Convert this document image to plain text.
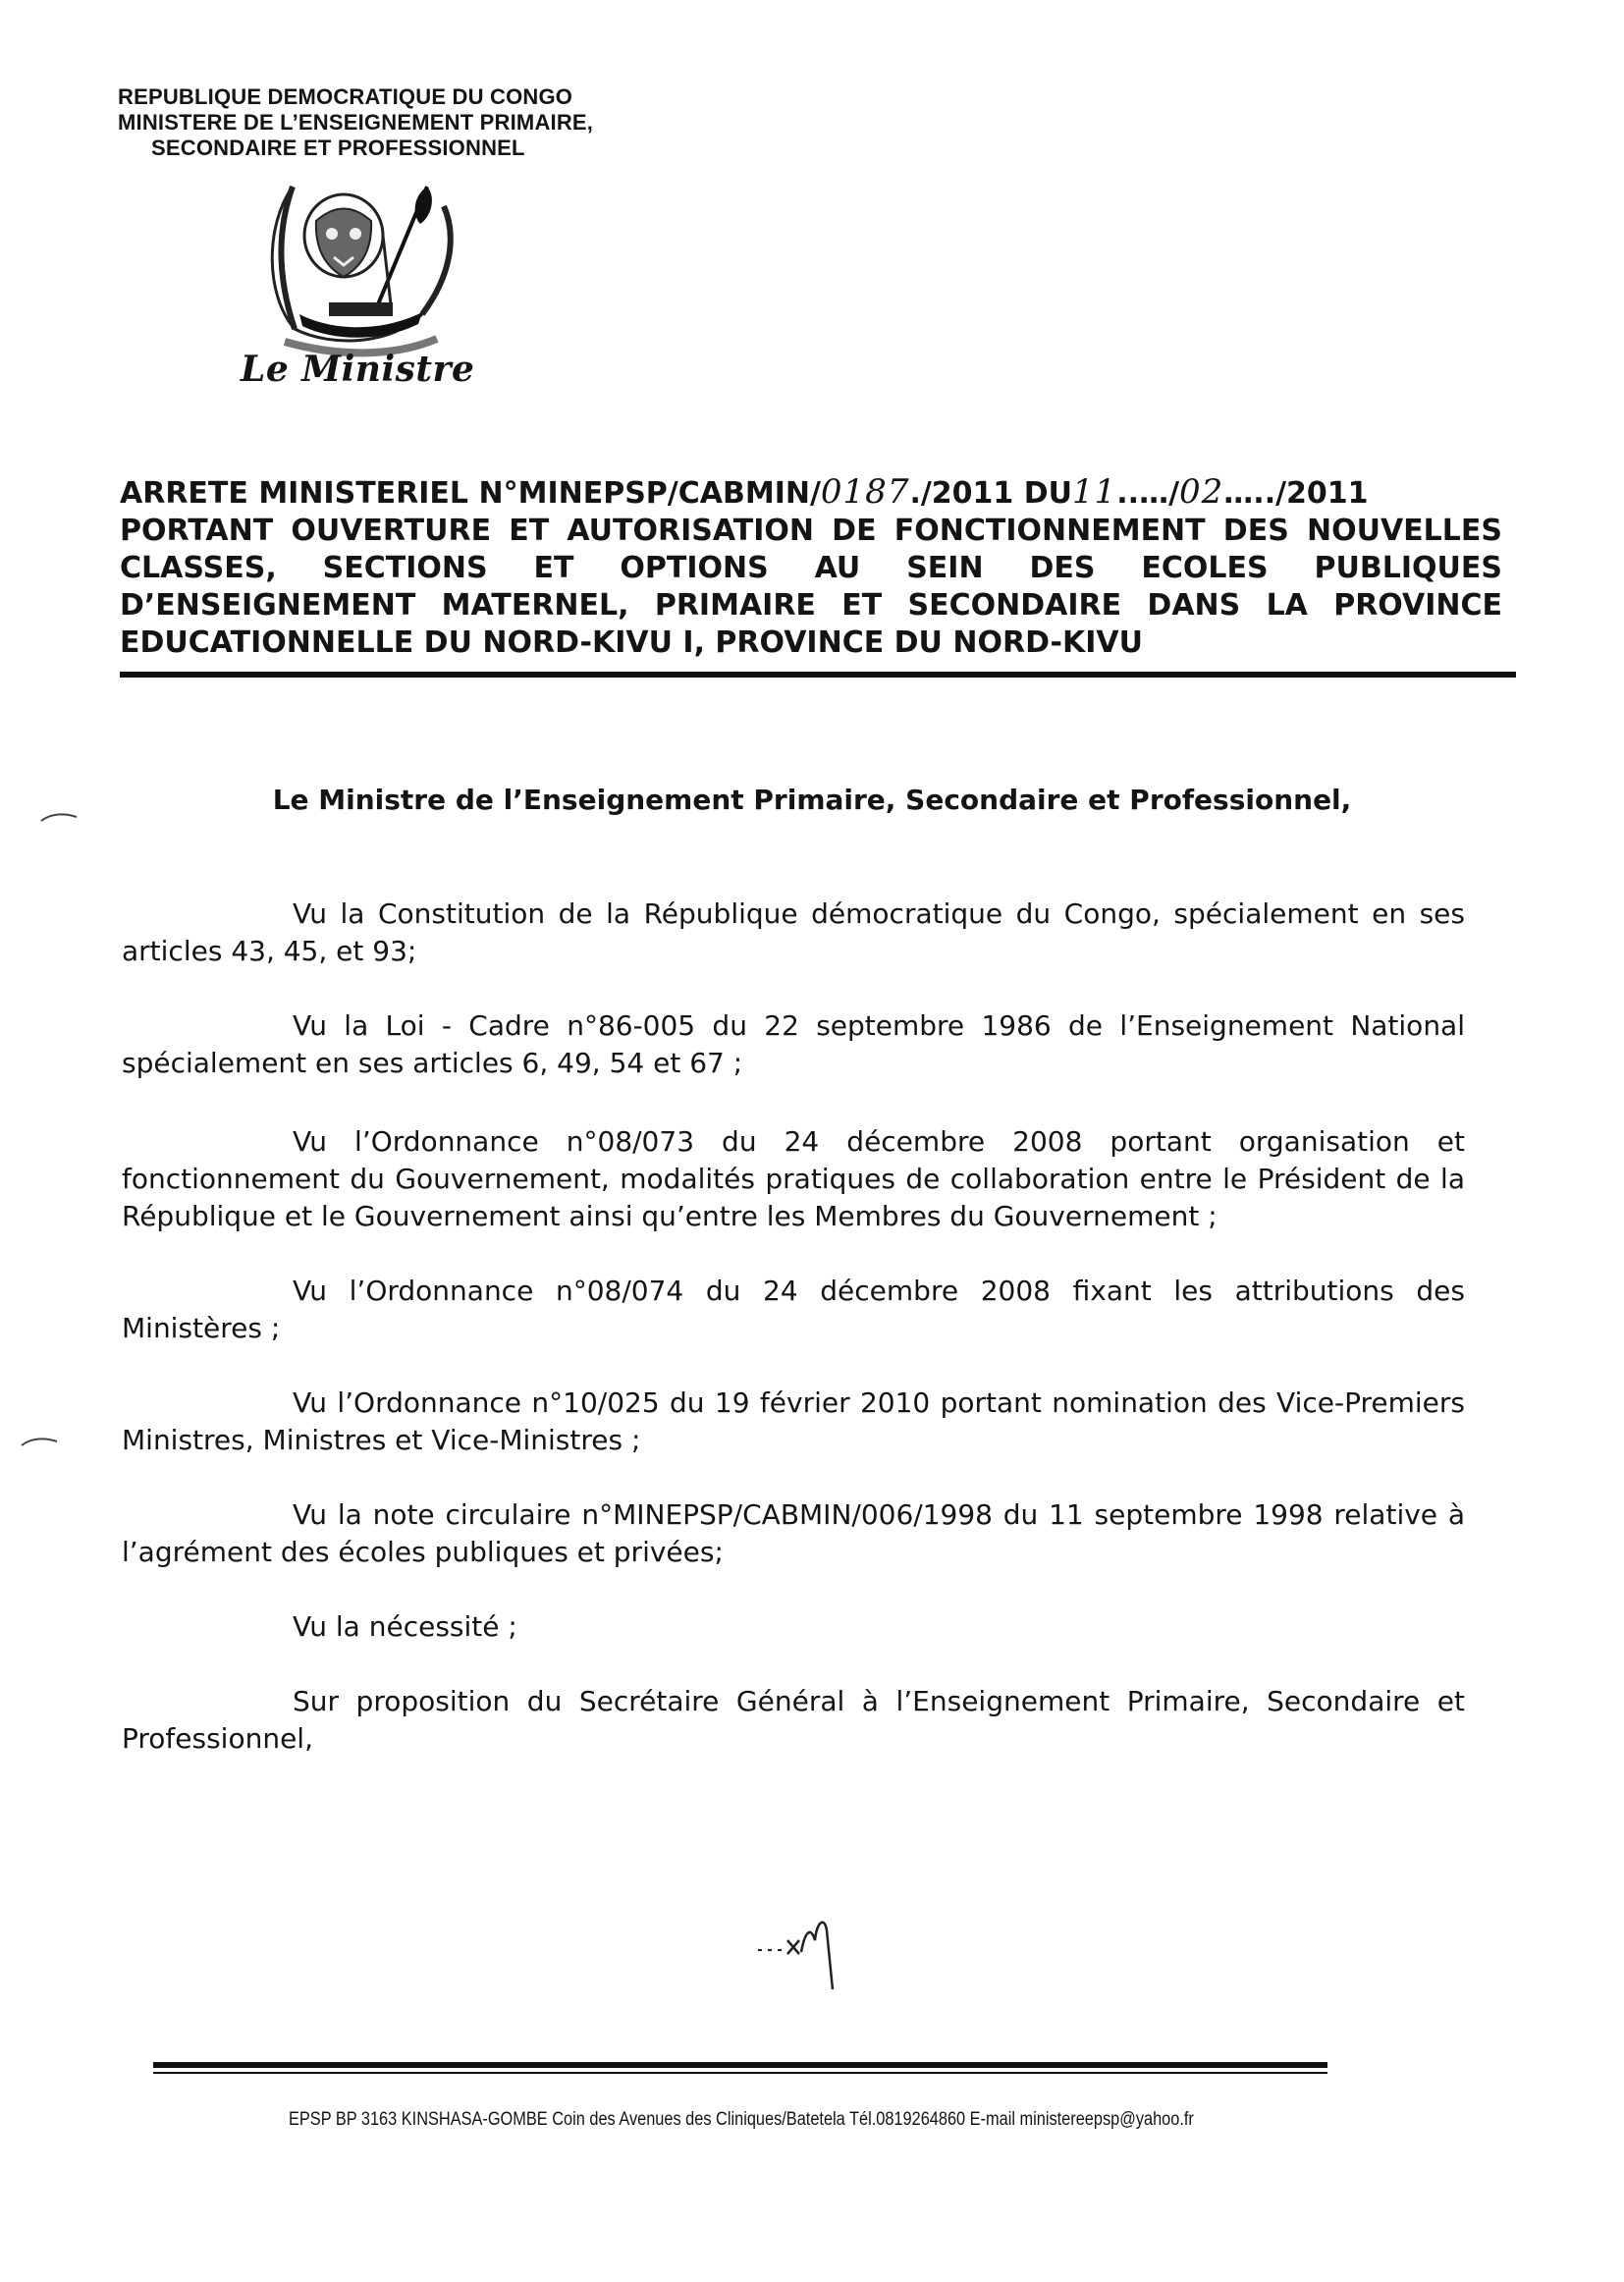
REPUBLIQUE DEMOCRATIQUE DU CONGO
MINISTERE DE L’ENSEIGNEMENT PRIMAIRE,
SECONDAIRE ET PROFESSIONNEL
Le Ministre
ARRETE MINISTERIEL N°MINEPSP/CABMIN/0187./2011 DU11..…/02…../2011
PORTANT OUVERTURE ET AUTORISATION DE FONCTIONNEMENT DES NOUVELLES
CLASSES, SECTIONS ET OPTIONS AU SEIN DES ECOLES PUBLIQUES
D’ENSEIGNEMENT MATERNEL, PRIMAIRE ET SECONDAIRE DANS LA PROVINCE
EDUCATIONNELLE DU NORD-KIVU I, PROVINCE DU NORD-KIVU
Le Ministre de l’Enseignement Primaire, Secondaire et Professionnel,

Vu la Constitution de la République démocratique du Congo, spécialement en ses articles 43, 45, et 93;

Vu la Loi - Cadre n°86-005 du 22 septembre 1986 de l’Enseignement National spécialement en ses articles 6, 49, 54 et 67 ;

Vu l’Ordonnance n°08/073 du 24 décembre 2008 portant organisation et fonctionnement du Gouvernement, modalités pratiques de collaboration entre le Président de la République et le Gouvernement ainsi qu’entre les Membres du Gouvernement ;

Vu l’Ordonnance n°08/074 du 24 décembre 2008 fixant les attributions des Ministères ;

Vu l’Ordonnance n°10/025 du 19 février 2010 portant nomination des Vice-Premiers Ministres, Ministres et Vice-Ministres ;

Vu la note circulaire n°MINEPSP/CABMIN/006/1998 du 11 septembre 1998 relative à l’agrément des écoles publiques et privées;

Vu la nécessité ;

Sur proposition du Secrétaire Général à l’Enseignement Primaire, Secondaire et Professionnel,

EPSP BP 3163 KINSHASA-GOMBE Coin des Avenues des Cliniques/Batetela Tél.0819264860 E-mail ministereepsp@yahoo.fr
